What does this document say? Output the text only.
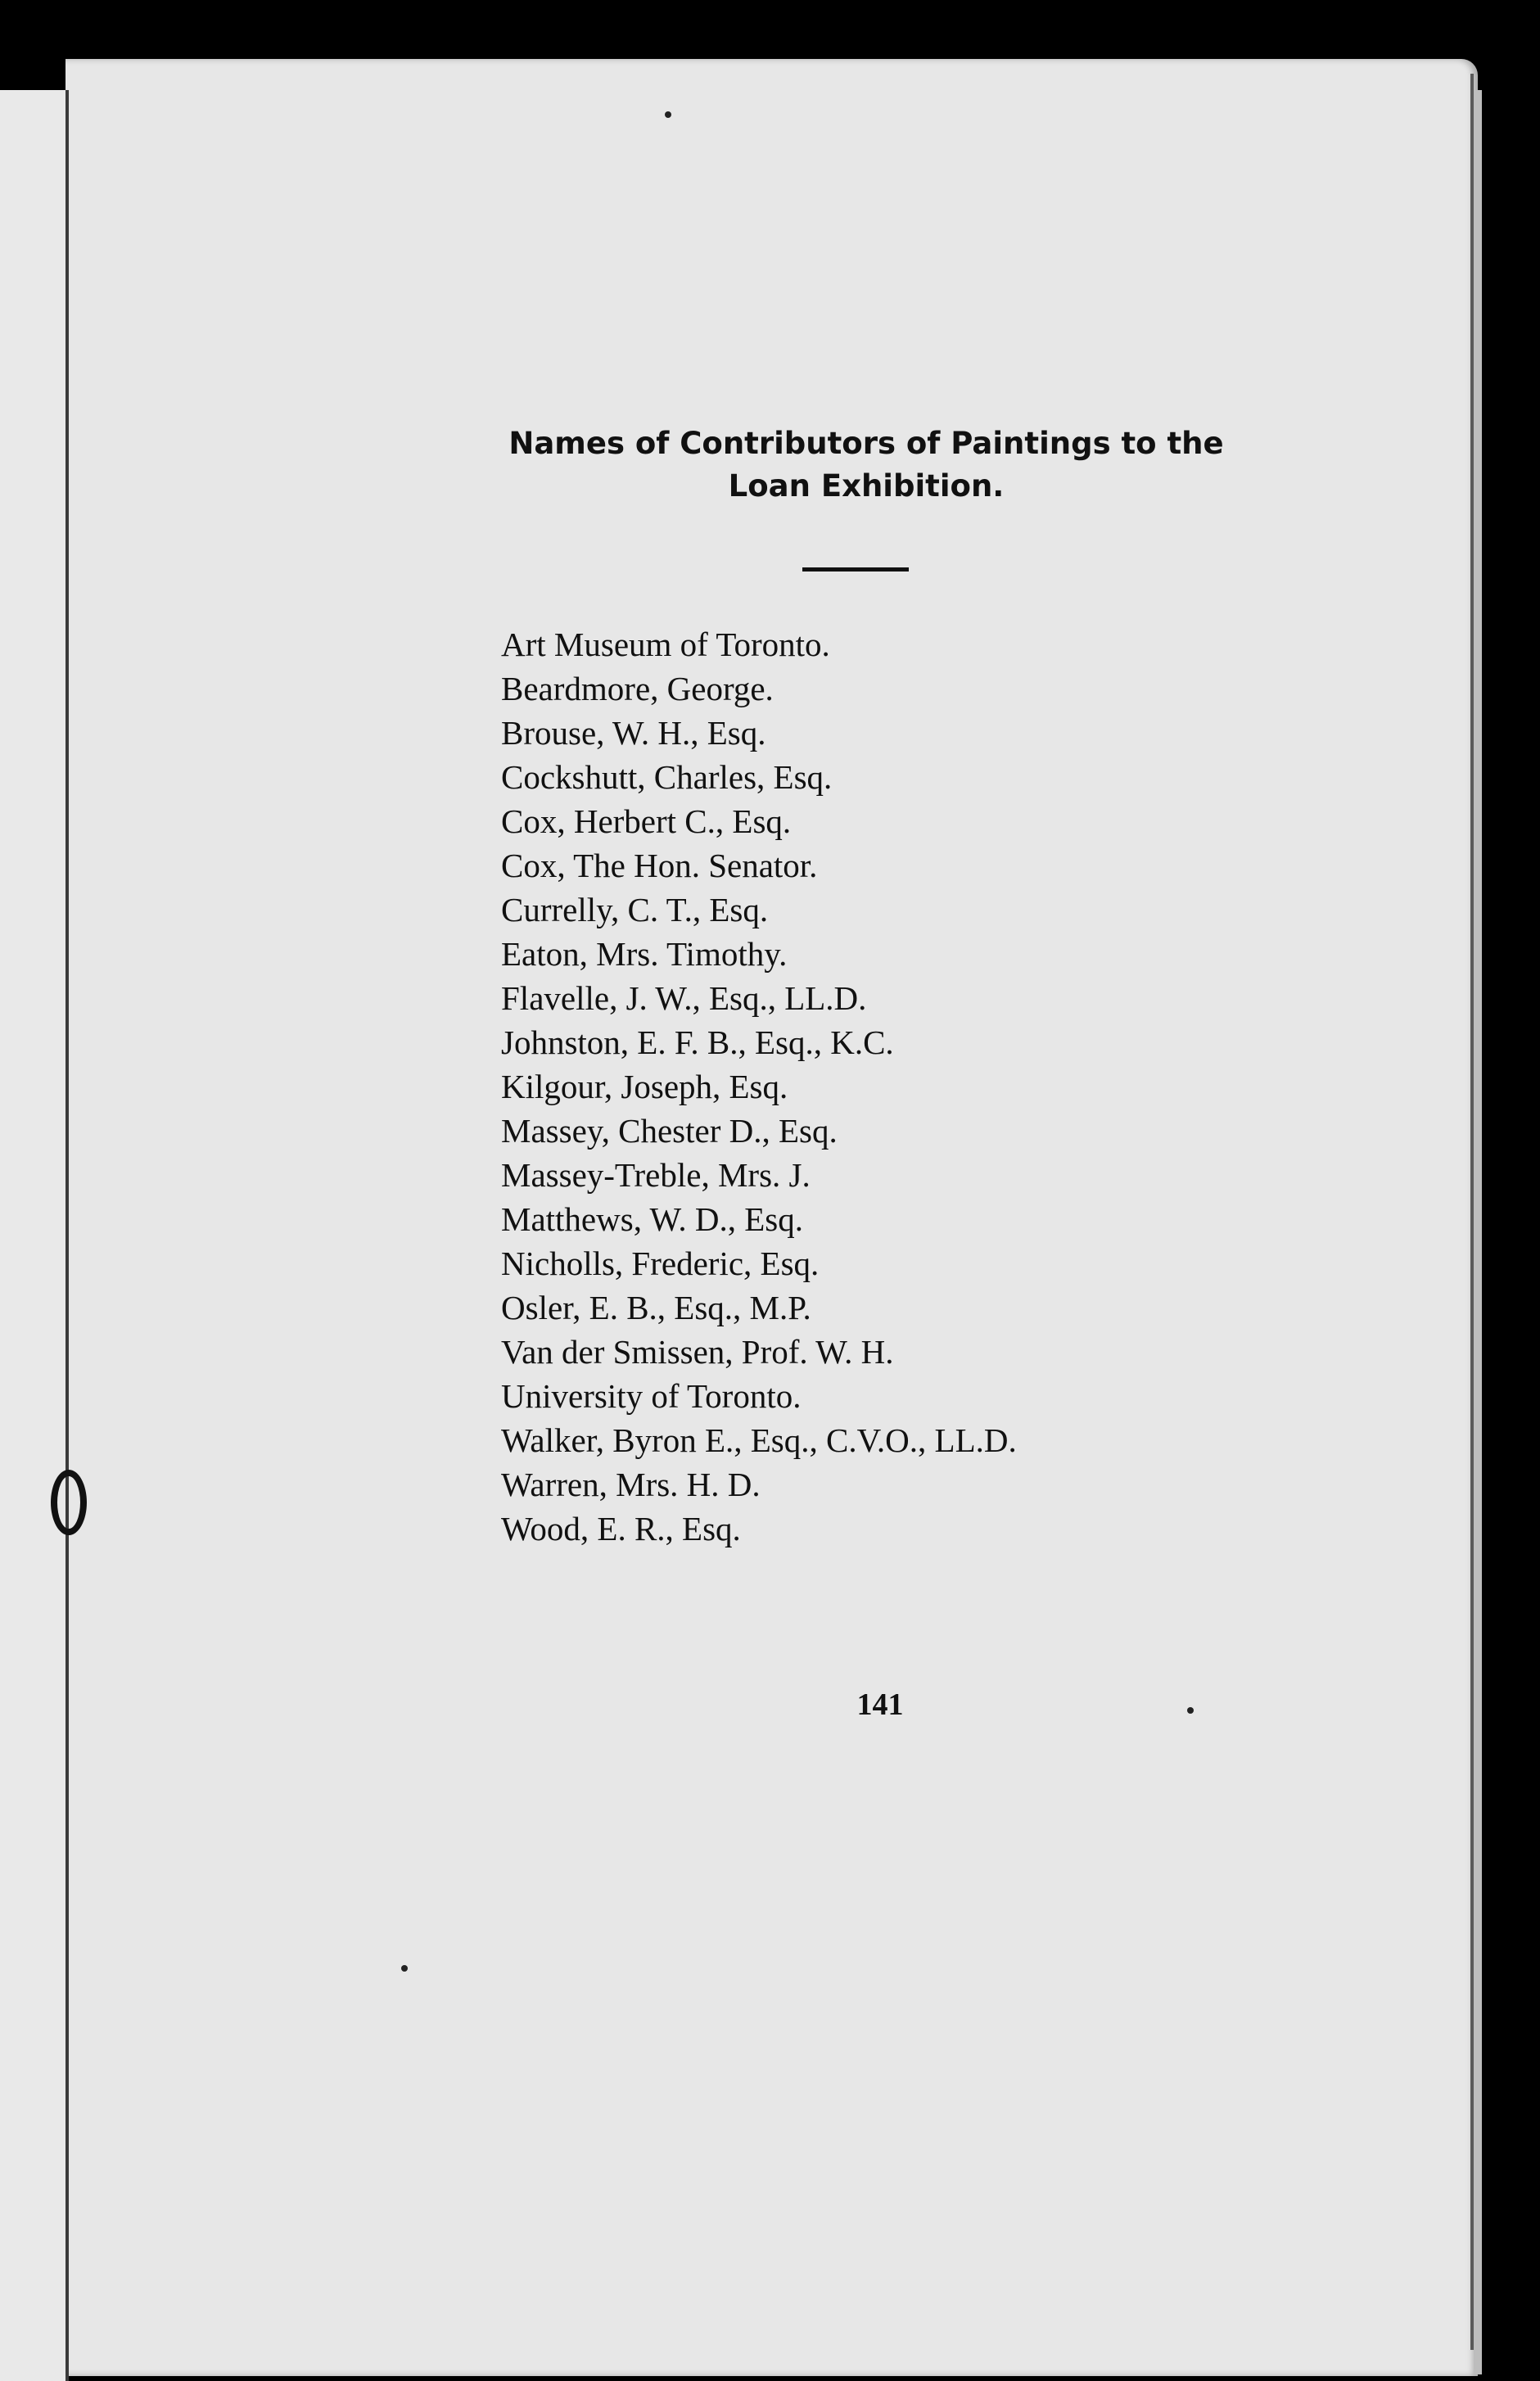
Names of Contributors of Paintings to the
Loan Exhibition.
Art Museum of Toronto.
Beardmore, George.
Brouse, W. H., Esq.
Cockshutt, Charles, Esq.
Cox, Herbert C., Esq.
Cox, The Hon. Senator.
Currelly, C. T., Esq.
Eaton, Mrs. Timothy.
Flavelle, J. W., Esq., LL.D.
Johnston, E. F. B., Esq., K.C.
Kilgour, Joseph, Esq.
Massey, Chester D., Esq.
Massey-Treble, Mrs. J.
Matthews, W. D., Esq.
Nicholls, Frederic, Esq.
Osler, E. B., Esq., M.P.
Van der Smissen, Prof. W. H.
University of Toronto.
Walker, Byron E., Esq., C.V.O., LL.D.
Warren, Mrs. H. D.
Wood, E. R., Esq.
141
